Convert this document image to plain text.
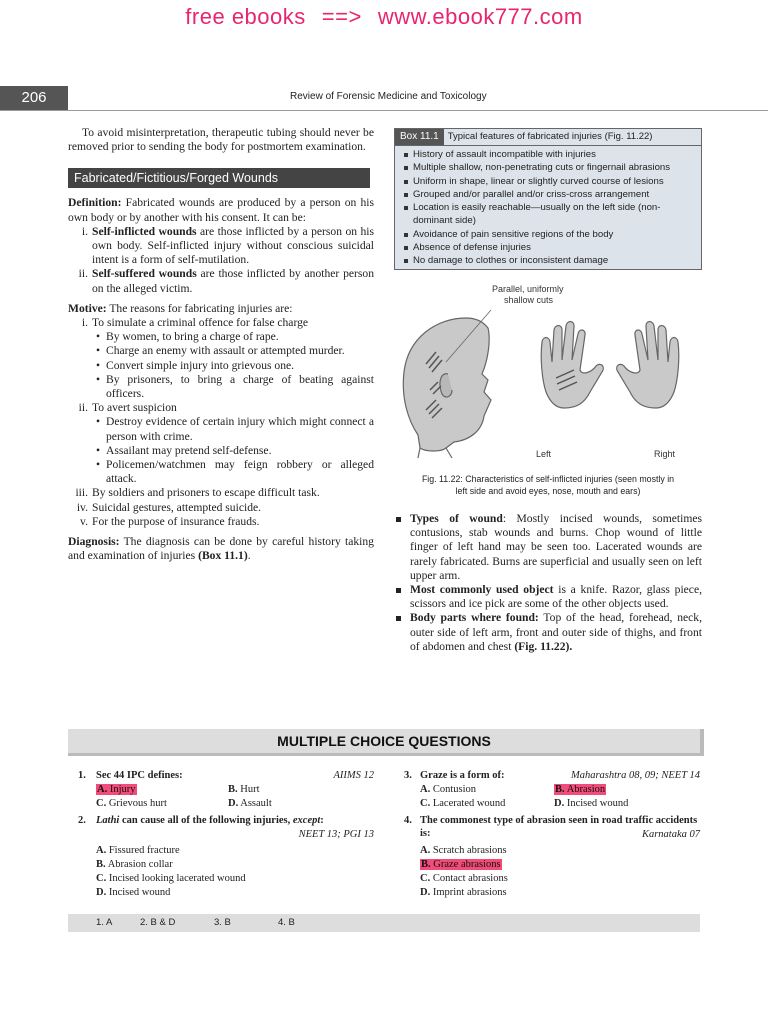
free ebooks ==> www.ebook777.com
206	Review of Forensic Medicine and Toxicology

To avoid misinterpretation, therapeutic tubing should never be removed prior to sending the body for postmortem examination.

Fabricated/Fictitious/Forged Wounds

Definition: Fabricated wounds are produced by a person on his own body or by another with his consent. It can be:

i. Self-inflicted wounds are those inflicted by a person on his own body. Self-inflicted injury without conscious suicidal intent is a form of self-mutilation.
ii. Self-suffered wounds are those inflicted by another person on the alleged victim.

Motive: The reasons for fabricating injuries are:

i. To simulate a criminal offence for false charge
• By women, to bring a charge of rape.
• Charge an enemy with assault or attempted murder.
• Convert simple injury into grievous one.
• By prisoners, to bring a charge of beating against officers.
ii. To avert suspicion
• Destroy evidence of certain injury which might connect a person with crime.
• Assailant may pretend self-defense.
• Policemen/watchmen may feign robbery or alleged attack.
iii. By soldiers and prisoners to escape difficult task.
iv. Suicidal gestures, attempted suicide.
v. For the purpose of insurance frauds.

Diagnosis: The diagnosis can be done by careful history taking and examination of injuries (Box 11.1).

Box 11.1 Typical features of fabricated injuries (Fig. 11.22)
History of assault incompatible with injuries
Multiple shallow, non-penetrating cuts or fingernail abrasions
Uniform in shape, linear or slightly curved course of lesions
Grouped and/or parallel and/or criss-cross arrangement
Location is easily reachable—usually on the left side (non-dominant side)
Avoidance of pain sensitive regions of the body
Absence of defense injuries
No damage to clothes or inconsistent damage
Parallel, uniformly
shallow cuts
Left	Right
Fig. 11.22: Characteristics of self-inflicted injuries (seen mostly in
left side and avoid eyes, nose, mouth and ears)
Types of wound: Mostly incised wounds, sometimes contusions, stab wounds and burns. Chop wound of little finger of left hand may be seen too. Lacerated wounds are rarely fabricated. Burns are superficial and usually seen on left upper arm.
Most commonly used object is a knife. Razor, glass piece, scissors and ice pick are some of the other objects used.
Body parts where found: Top of the head, forehead, neck, outer side of left arm, front and outer side of thighs, and front of abdomen and chest (Fig. 11.22).
MULTIPLE CHOICE QUESTIONS
1. Sec 44 IPC defines:	AIIMS 12
A. Injury	B. Hurt
C. Grievous hurt	D. Assault
2. Lathi can cause all of the following injuries, except:
NEET 13; PGI 13
A. Fissured fracture
B. Abrasion collar
C. Incised looking lacerated wound
D. Incised wound
3. Graze is a form of:	Maharashtra 08, 09; NEET 14
A. Contusion	B. Abrasion
C. Lacerated wound	D. Incised wound
4. The commonest type of abrasion seen in road traffic accidents is:	Karnataka 07
A. Scratch abrasions
B. Graze abrasions
C. Contact abrasions
D. Imprint abrasions
1. A	2. B & D	3. B	4. B
